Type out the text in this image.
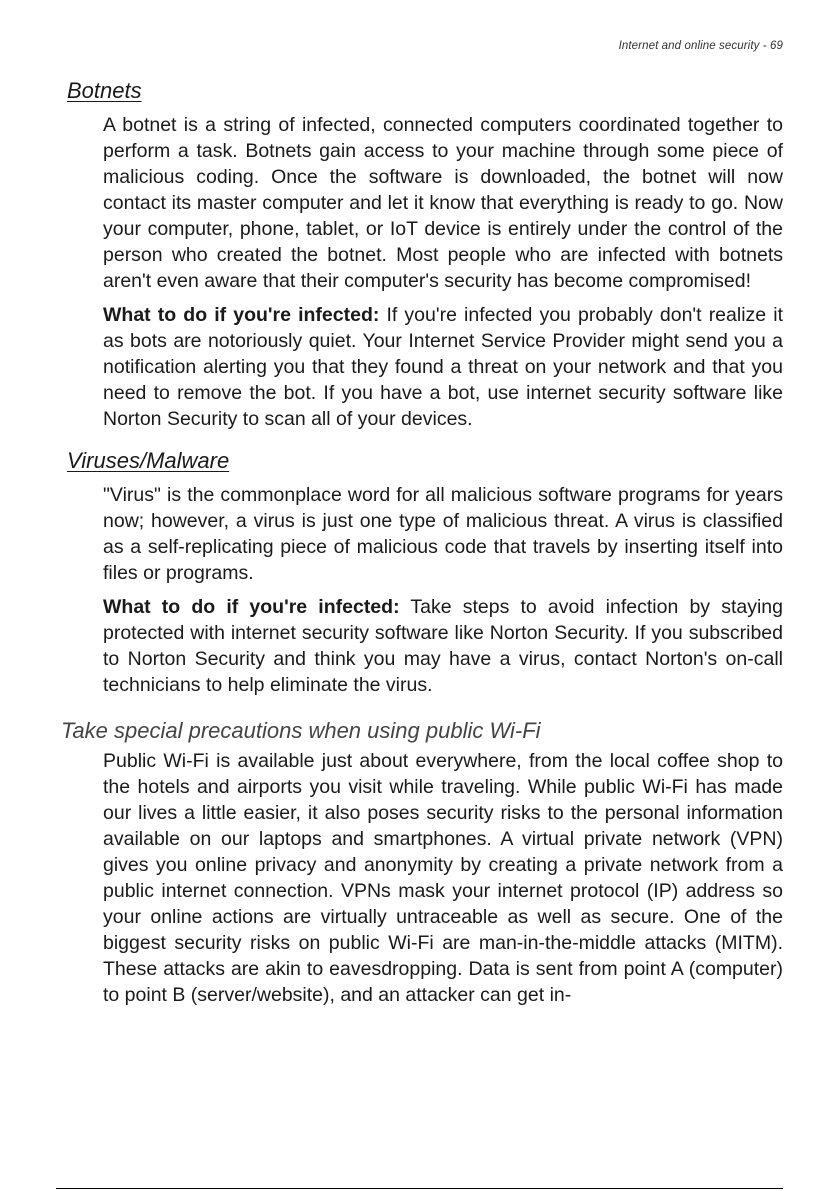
Internet and online security - 69
Botnets

A botnet is a string of infected, connected computers coordinated together to perform a task. Botnets gain access to your machine through some piece of malicious coding. Once the software is downloaded, the botnet will now contact its master computer and let it know that everything is ready to go. Now your computer, phone, tablet, or IoT device is entirely under the control of the person who created the botnet. Most people who are infected with botnets aren't even aware that their computer's security has become compromised!

What to do if you're infected: If you're infected you probably don't realize it as bots are notoriously quiet. Your Internet Service Provider might send you a notification alerting you that they found a threat on your network and that you need to remove the bot. If you have a bot, use internet security software like Norton Security to scan all of your devices.

Viruses/Malware

"Virus" is the commonplace word for all malicious software programs for years now; however, a virus is just one type of malicious threat. A virus is classified as a self-replicating piece of malicious code that travels by inserting itself into files or programs.

What to do if you're infected: Take steps to avoid infection by staying protected with internet security software like Norton Security. If you subscribed to Norton Security and think you may have a virus, contact Norton's on-call technicians to help eliminate the virus.

Take special precautions when using public Wi-Fi

Public Wi-Fi is available just about everywhere, from the local coffee shop to the hotels and airports you visit while traveling. While public Wi-Fi has made our lives a little easier, it also poses security risks to the personal information available on our laptops and smartphones. A virtual private network (VPN) gives you online privacy and anonymity by creating a private network from a public internet connection. VPNs mask your internet protocol (IP) address so your online actions are virtually untraceable as well as secure. One of the biggest security risks on public Wi-Fi are man-in-the-middle attacks (MITM). These attacks are akin to eavesdropping. Data is sent from point A (computer) to point B (server/website), and an attacker can get in-
